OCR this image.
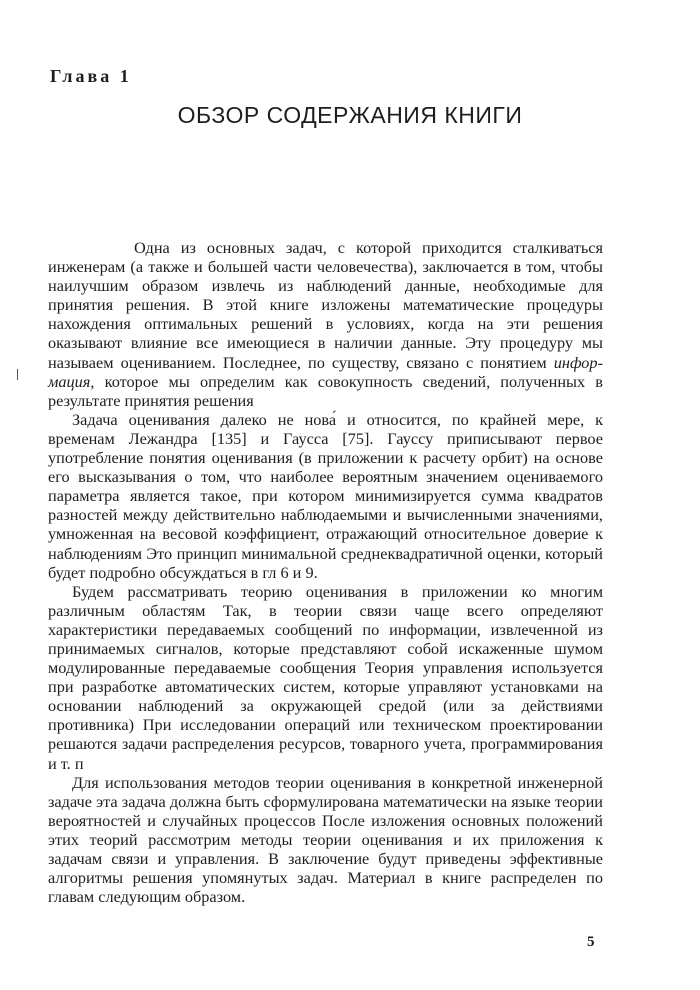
Глава 1
ОБЗОР СОДЕРЖАНИЯ КНИГИ

Одна из основных задач, с которой приходится сталкиваться инженерам (а также и большей части человечества), заключается в том, чтобы наилучшим образом извлечь из наблюдений данные, необходимые для принятия решения. В этой книге изложены математические процедуры нахождения оптимальных решений в условиях, когда на эти решения оказывают влияние все имеющиеся в наличии данные. Эту процедуру мы называем оцениванием. Последнее, по существу, связано с понятием информация, которое мы определим как совокупность сведений, полученных в результате принятия решения

Задача оценивания далеко не нова́ и относится, по крайней мере, к временам Лежандра [135] и Гаусса [75]. Гауссу приписывают первое употребление понятия оценивания (в приложении к расчету орбит) на основе его высказывания о том, что наиболее вероятным значением оцениваемого параметра является такое, при котором минимизируется сумма квадратов разностей между действительно наблюдаемыми и вычисленными значениями, умноженная на весовой коэффициент, отражающий относительное доверие к наблюдениям Это принцип минимальной среднеквадратичной оценки, который будет подробно обсуждаться в гл 6 и 9.

Будем рассматривать теорию оценивания в приложении ко многим различным областям Так, в теории связи чаще всего определяют характеристики передаваемых сообщений по информации, извлеченной из принимаемых сигналов, которые представляют собой искаженные шумом модулированные передаваемые сообщения Теория управления используется при разработке автоматических систем, которые управляют установками на основании наблюдений за окружающей средой (или за действиями противника) При исследовании операций или техническом проектировании решаются задачи распределения ресурсов, товарного учета, программирования и т. п

Для использования методов теории оценивания в конкретной инженерной задаче эта задача должна быть сформулирована математически на языке теории вероятностей и случайных процессов После изложения основных положений этих теорий рассмотрим методы теории оценивания и их приложения к задачам связи и управления. В заключение будут приведены эффективные алгоритмы решения упомянутых задач. Материал в книге распределен по главам следующим образом.

5
